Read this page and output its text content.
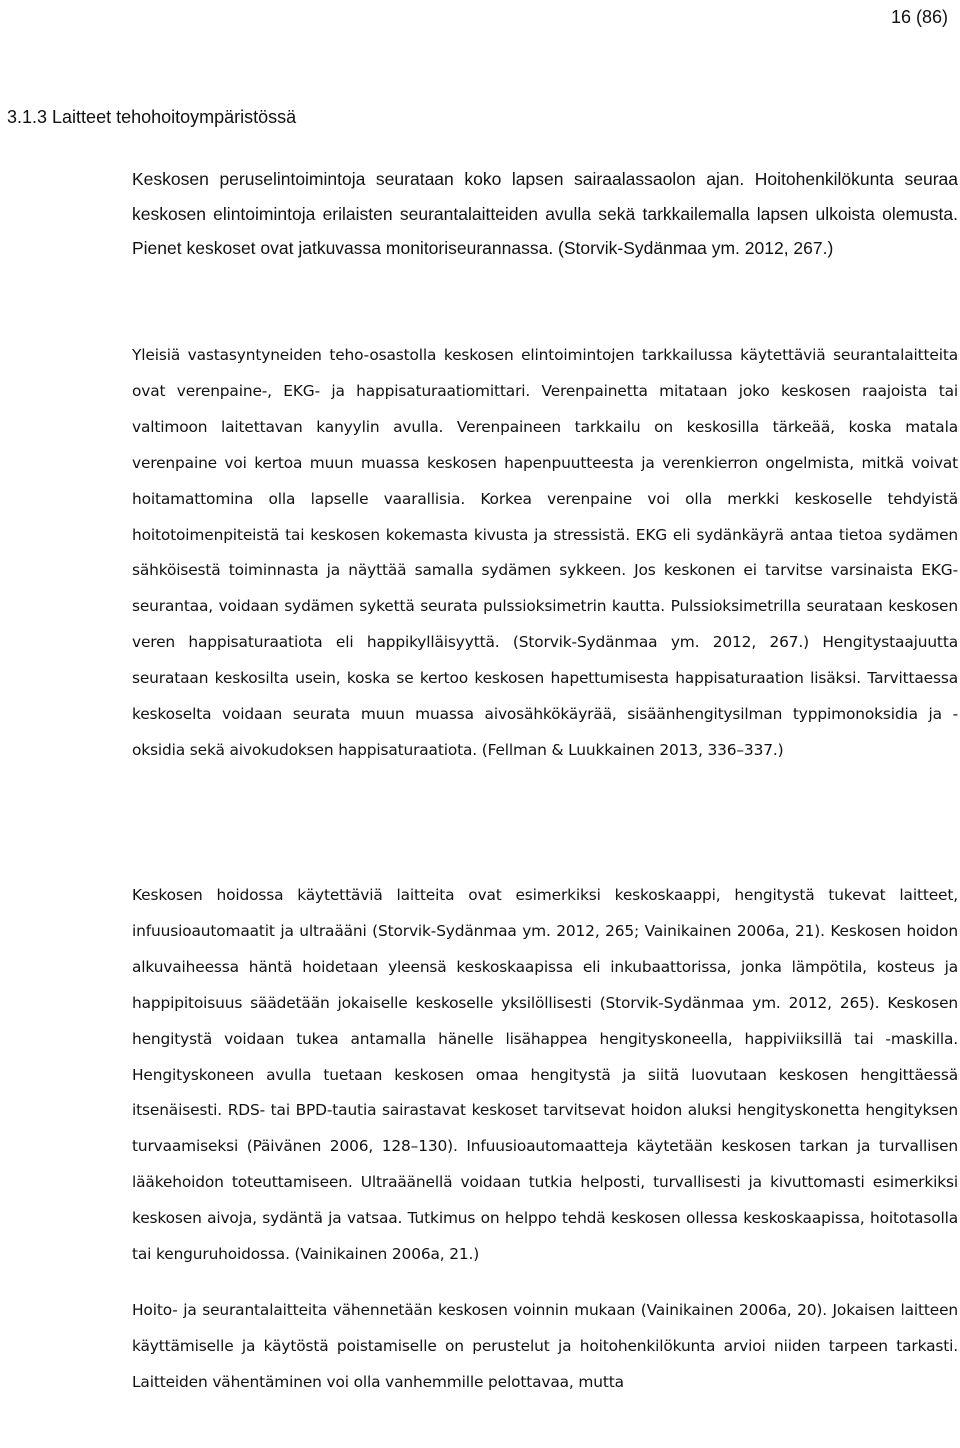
16 (86)
3.1.3 Laitteet tehohoitoympäristössä

Keskosen peruselintoimintoja seurataan koko lapsen sairaalassaolon ajan. Hoitohenkilökunta seuraa keskosen elintoimintoja erilaisten seurantalaitteiden avulla sekä tarkkailemalla lapsen ulkoista olemusta. Pienet keskoset ovat jatkuvassa monitoriseurannassa. (Storvik-Sydänmaa ym. 2012, 267.)

Yleisiä vastasyntyneiden teho-osastolla keskosen elintoimintojen tarkkailussa käytettäviä seurantalaitteita ovat verenpaine-, EKG- ja happisaturaatiomittari. Verenpainetta mitataan joko keskosen raajoista tai valtimoon laitettavan kanyylin avulla. Verenpaineen tarkkailu on keskosilla tärkeää, koska matala verenpaine voi kertoa muun muassa keskosen hapenpuutteesta ja verenkierron ongelmista, mitkä voivat hoitamattomina olla lapselle vaarallisia. Korkea verenpaine voi olla merkki keskoselle tehdyistä hoitotoimenpiteistä tai keskosen kokemasta kivusta ja stressistä. EKG eli sydänkäyrä antaa tietoa sydämen sähköisestä toiminnasta ja näyttää samalla sydämen sykkeen. Jos keskonen ei tarvitse varsinaista EKG-seurantaa, voidaan sydämen sykettä seurata pulssioksimetrin kautta. Pulssioksimetrilla seurataan keskosen veren happisaturaatiota eli happikylläisyyttä. (Storvik-Sydänmaa ym. 2012, 267.) Hengitystaajuutta seurataan keskosilta usein, koska se kertoo keskosen hapettumisesta happisaturaation lisäksi. Tarvittaessa keskoselta voidaan seurata muun muassa aivosähkökäyrää, sisäänhengitysilman typpimonoksidia ja -oksidia sekä aivokudoksen happisaturaatiota. (Fellman & Luukkainen 2013, 336–337.)

Keskosen hoidossa käytettäviä laitteita ovat esimerkiksi keskoskaappi, hengitystä tukevat laitteet, infuusioautomaatit ja ultraääni (Storvik-Sydänmaa ym. 2012, 265; Vainikainen 2006a, 21). Keskosen hoidon alkuvaiheessa häntä hoidetaan yleensä keskoskaapissa eli inkubaattorissa, jonka lämpötila, kosteus ja happipitoisuus säädetään jokaiselle keskoselle yksilöllisesti (Storvik-Sydänmaa ym. 2012, 265). Keskosen hengitystä voidaan tukea antamalla hänelle lisähappea hengityskoneella, happiviiksillä tai -maskilla. Hengityskoneen avulla tuetaan keskosen omaa hengitystä ja siitä luovutaan keskosen hengittäessä itsenäisesti. RDS- tai BPD-tautia sairastavat keskoset tarvitsevat hoidon aluksi hengityskonetta hengityksen turvaamiseksi (Päivänen 2006, 128–130). Infuusioautomaatteja käytetään keskosen tarkan ja turvallisen lääkehoidon toteuttamiseen. Ultraäänellä voidaan tutkia helposti, turvallisesti ja kivuttomasti esimerkiksi keskosen aivoja, sydäntä ja vatsaa. Tutkimus on helppo tehdä keskosen ollessa keskoskaapissa, hoitotasolla tai kenguruhoidossa. (Vainikainen 2006a, 21.)

Hoito- ja seurantalaitteita vähennetään keskosen voinnin mukaan (Vainikainen 2006a, 20). Jokaisen laitteen käyttämiselle ja käytöstä poistamiselle on perustelut ja hoitohenkilökunta arvioi niiden tarpeen tarkasti. Laitteiden vähentäminen voi olla vanhemmille pelottavaa, mutta
